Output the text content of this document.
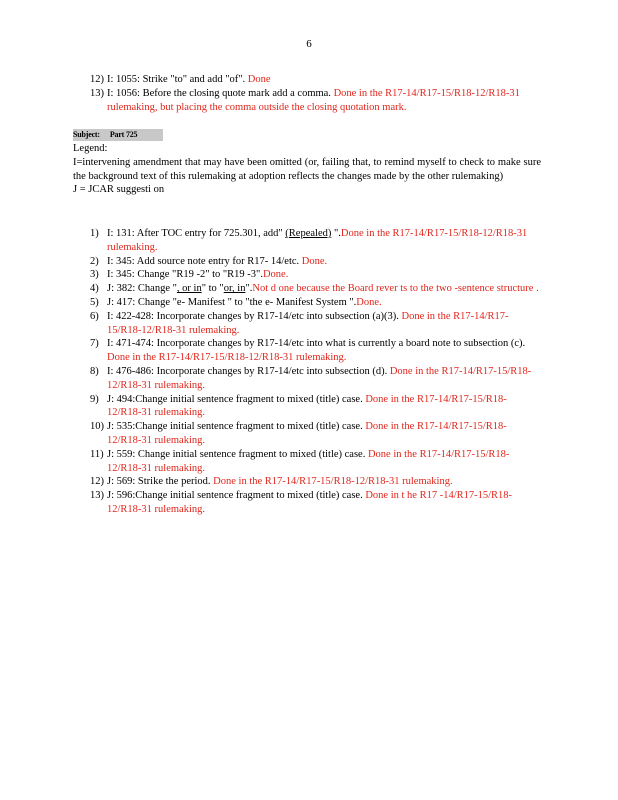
6
12) I: 1055: Strike "to" and add "of". Done
13) I: 1056: Before the closing quote mark add a comma. Done in the R17-14/R17-15/R18-12/R18-31 rulemaking, but placing the comma outside the closing quotation mark.
Subject: Part 725

Legend:

I=intervening amendment that may have been omitted (or, failing that, to remind myself to check to make sure the background text of this rulemaking at adoption reflects the changes made by the other rulemaking)

J = JCAR suggesti on

1) I: 131: After TOC entry for 725.301, add" (Repealed) ".Done in the R17-14/R17-15/R18-12/R18-31 rulemaking.
2) I: 345: Add source note entry for R17- 14/etc. Done.
3) I: 345: Change "R19 -2" to "R19 -3".Done.
4) J: 382: Change ", or in" to "or, in".Not d one because the Board rever ts to the two -sentence structure .
5) J: 417: Change "e- Manifest " to "the e- Manifest System ".Done.
6) I: 422-428: Incorporate changes by R17-14/etc into subsection (a)(3). Done in the R17-14/R17-15/R18-12/R18-31 rulemaking.
7) I: 471-474: Incorporate changes by R17-14/etc into what is currently a board note to subsection (c). Done in the R17-14/R17-15/R18-12/R18-31 rulemaking.
8) I: 476-486: Incorporate changes by R17-14/etc into subsection (d). Done in the R17-14/R17-15/R18-12/R18-31 rulemaking.
9) J: 494:Change initial sentence fragment to mixed (title) case. Done in the R17-14/R17-15/R18-12/R18-31 rulemaking.
10) J: 535:Change initial sentence fragment to mixed (title) case. Done in the R17-14/R17-15/R18-12/R18-31 rulemaking.
11) J: 559: Change initial sentence fragment to mixed (title) case. Done in the R17-14/R17-15/R18-12/R18-31 rulemaking.
12) J: 569: Strike the period. Done in the R17-14/R17-15/R18-12/R18-31 rulemaking.
13) J: 596:Change initial sentence fragment to mixed (title) case. Done in t he R17 -14/R17-15/R18-12/R18-31 rulemaking.
